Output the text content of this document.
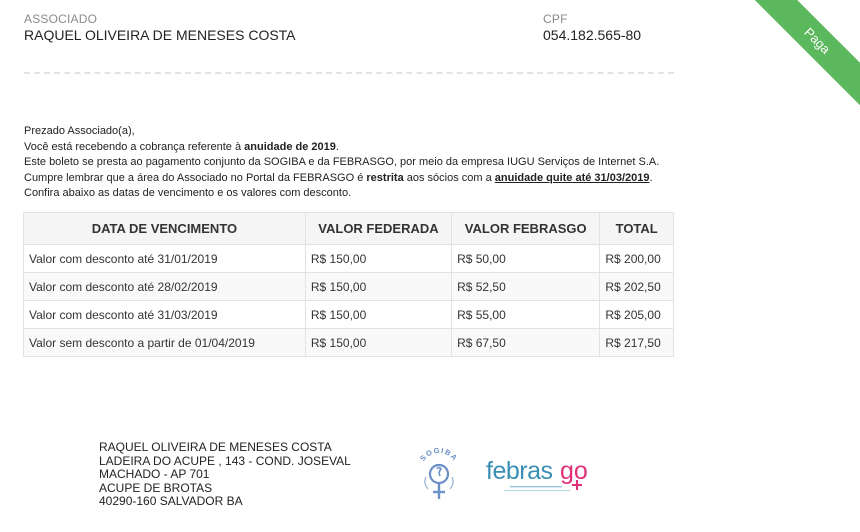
ASSOCIADO
RAQUEL OLIVEIRA DE MENESES COSTA
CPF
054.182.565-80	Paga
Prezado Associado(a),
Você está recebendo a cobrança referente à anuidade de 2019.
Este boleto se presta ao pagamento conjunto da SOGIBA e da FEBRASGO, por meio da empresa IUGU Serviços de Internet S.A.
Cumpre lembrar que a área do Associado no Portal da FEBRASGO é restrita aos sócios com a anuidade quite até 31/03/2019.
Confira abaixo as datas de vencimento e os valores com desconto.
DATA DE VENCIMENTO	VALOR FEDERADA	VALOR FEBRASGO	TOTAL
Valor com desconto até 31/01/2019	R$ 150,00	R$ 50,00	R$ 200,00
Valor com desconto até 28/02/2019	R$ 150,00	R$ 52,50	R$ 202,50
Valor com desconto até 31/03/2019	R$ 150,00	R$ 55,00	R$ 205,00
Valor sem desconto a partir de 01/04/2019	R$ 150,00	R$ 67,50	R$ 217,50
RAQUEL OLIVEIRA DE MENESES COSTA
LADEIRA DO ACUPE , 143 - COND. JOSEVAL
MACHADO - AP 701
ACUPE DE BROTAS
40290-160 SALVADOR BA
SOGIBA febras go
